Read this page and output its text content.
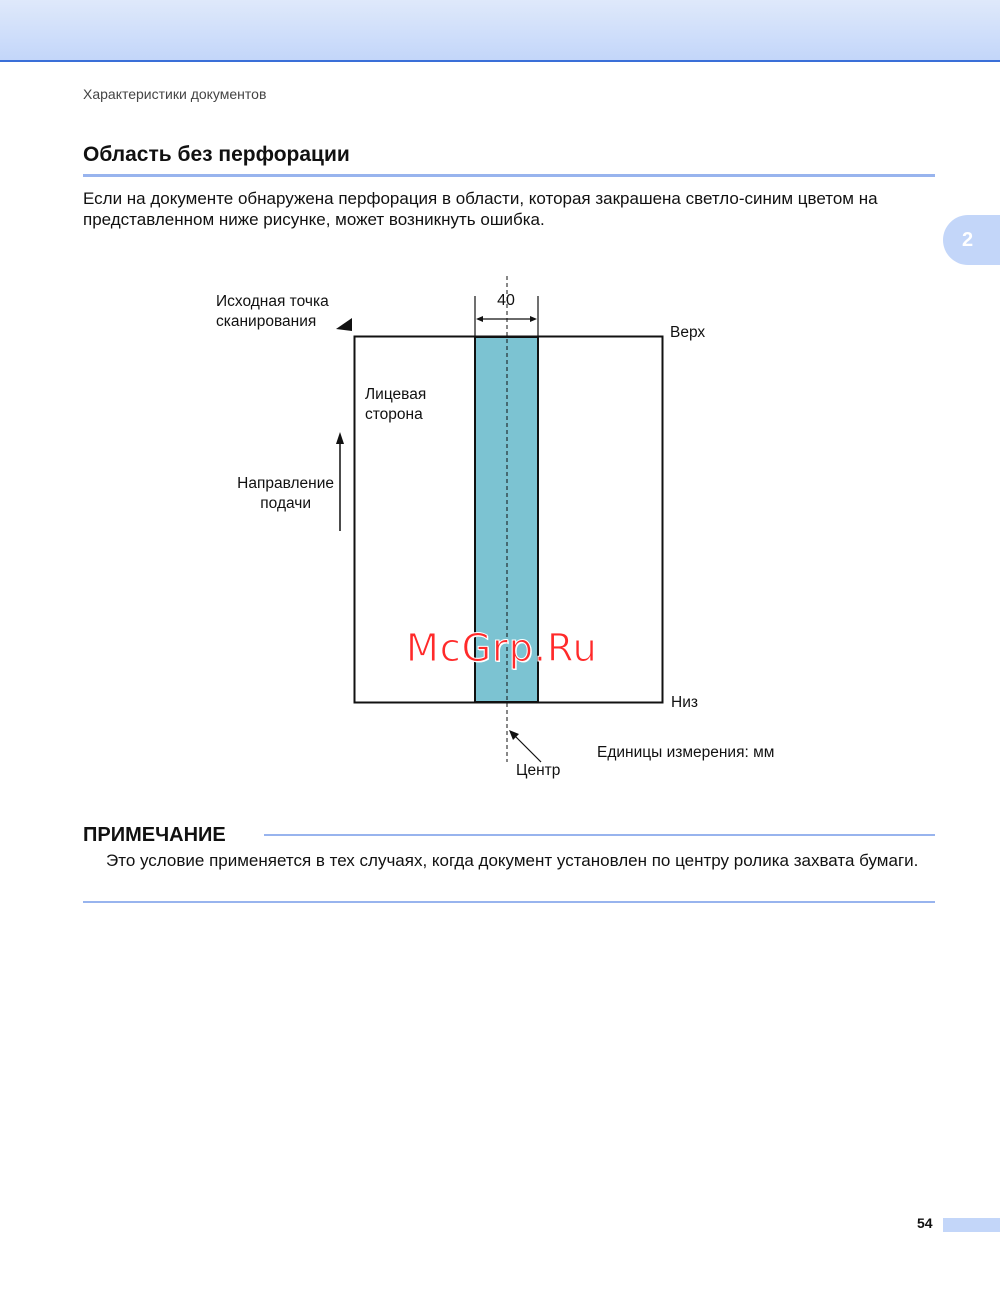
Характеристики документов
Область без перфорации
Если на документе обнаружена перфорация в области, которая закрашена светло-синим цветом на представленном ниже рисунке, может возникнуть ошибка.
2
Исходная точка
сканирования
40
Верх
Лицевая
сторона
Направление
подачи
Низ
Единицы измерения: мм
Центр
McGrp.Ru
ПРИМЕЧАНИЕ
Это условие применяется в тех случаях, когда документ установлен по центру ролика захвата бумаги.
54
